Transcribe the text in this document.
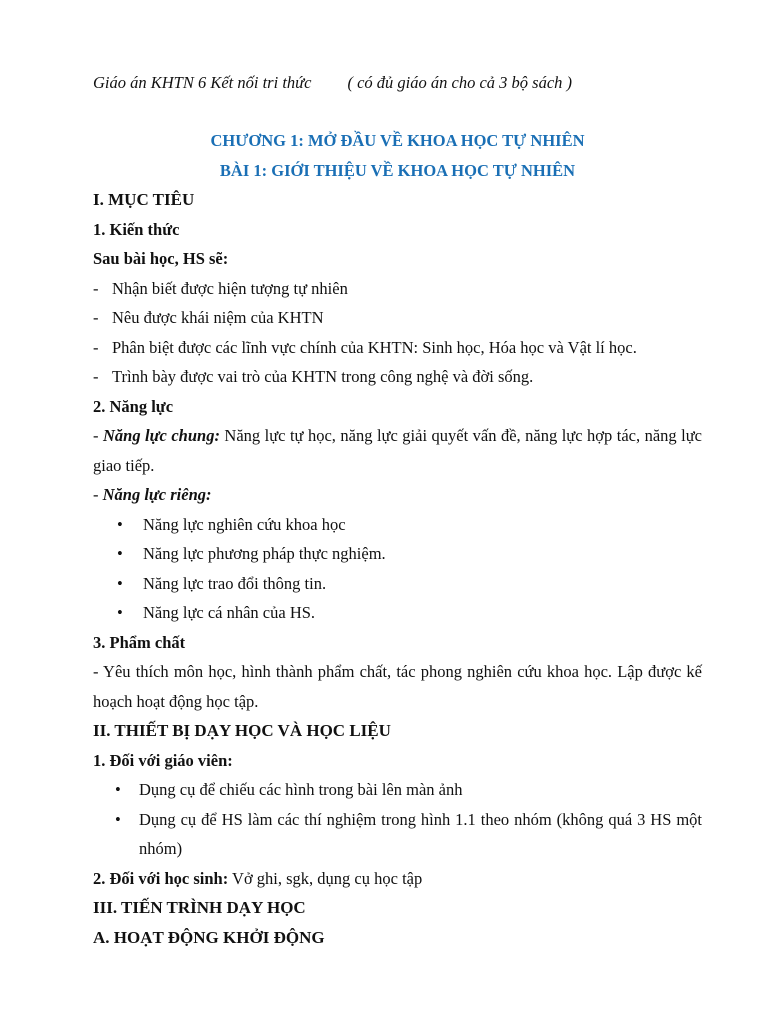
Giáo án KHTN 6 Kết nối tri thức ( có đủ giáo án cho cả 3 bộ sách )
CHƯƠNG 1: MỞ ĐẦU VỀ KHOA HỌC TỰ NHIÊN
BÀI 1: GIỚI THIỆU VỀ KHOA HỌC TỰ NHIÊN
I. MỤC TIÊU
1. Kiến thức
Sau bài học, HS sẽ:
- Nhận biết được hiện tượng tự nhiên
- Nêu được khái niệm của KHTN
- Phân biệt được các lĩnh vực chính của KHTN: Sinh học, Hóa học và Vật lí học.
- Trình bày được vai trò của KHTN trong công nghệ và đời sống.
2. Năng lực
- Năng lực chung: Năng lực tự học, năng lực giải quyết vấn đề, năng lực hợp tác, năng lực giao tiếp.
- Năng lực riêng:
• Năng lực nghiên cứu khoa học
• Năng lực phương pháp thực nghiệm.
• Năng lực trao đổi thông tin.
• Năng lực cá nhân của HS.
3. Phẩm chất
- Yêu thích môn học, hình thành phẩm chất, tác phong nghiên cứu khoa học. Lập được kế hoạch hoạt động học tập.
II. THIẾT BỊ DẠY HỌC VÀ HỌC LIỆU
1. Đối với giáo viên:
• Dụng cụ để chiếu các hình trong bài lên màn ảnh
• Dụng cụ để HS làm các thí nghiệm trong hình 1.1 theo nhóm (không quá 3 HS một nhóm)
2. Đối với học sinh: Vở ghi, sgk, dụng cụ học tập
III. TIẾN TRÌNH DẠY HỌC
A. HOẠT ĐỘNG KHỞI ĐỘNG
